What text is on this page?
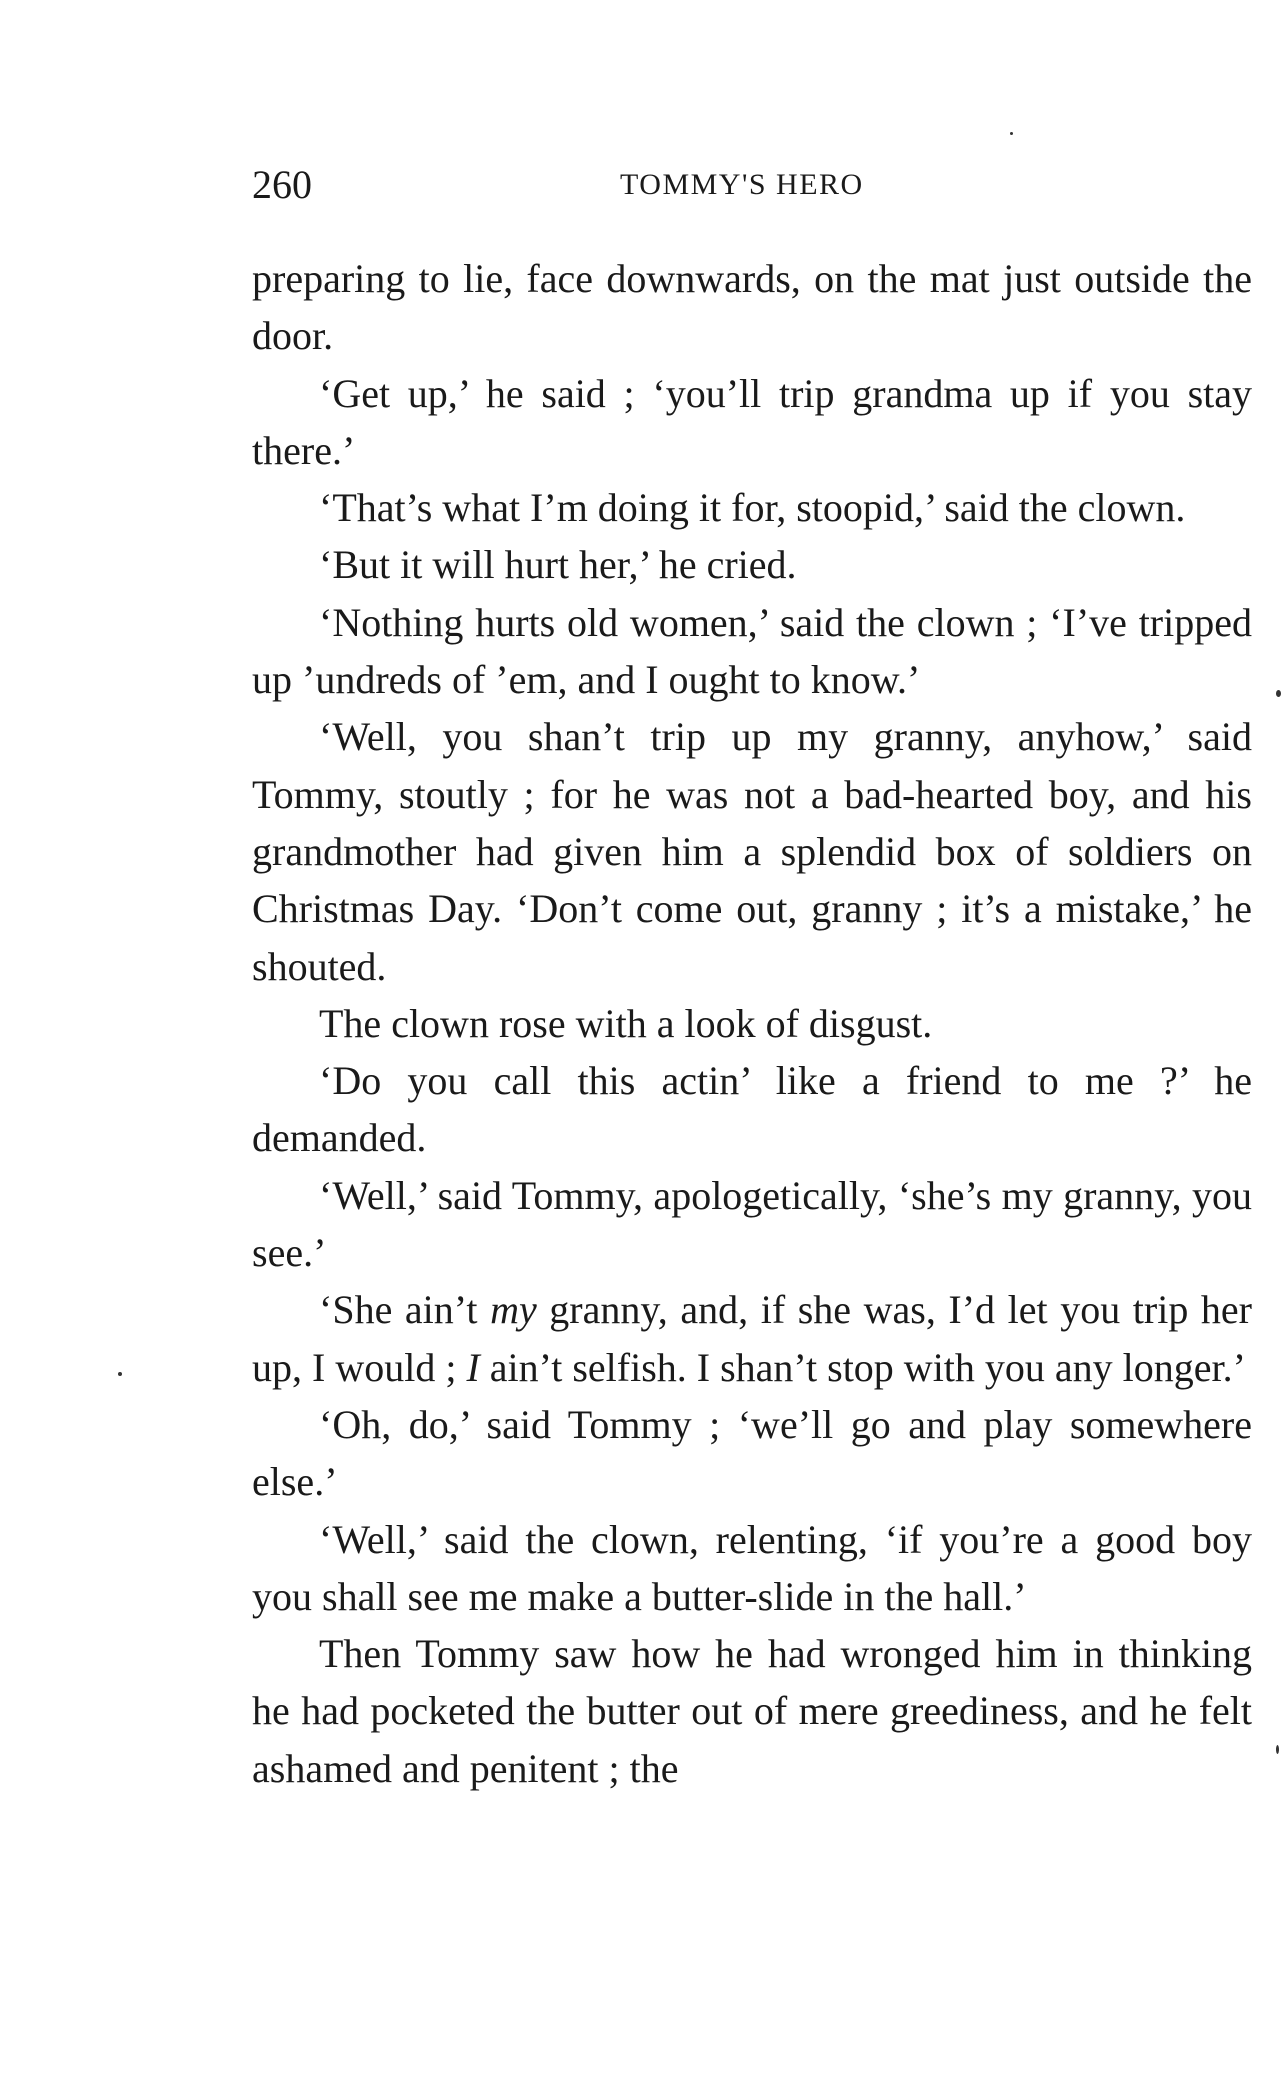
260	TOMMY'S HERO

preparing to lie, face downwards, on the mat just outside the door.

‘Get up,’ he said ; ‘you’ll trip grandma up if you stay there.’

‘That’s what I’m doing it for, stoopid,’ said the clown.

‘But it will hurt her,’ he cried.

‘Nothing hurts old women,’ said the clown ; ‘I’ve tripped up ’undreds of ’em, and I ought to know.’

‘Well, you shan’t trip up my granny, anyhow,’ said Tommy, stoutly ; for he was not a bad-hearted boy, and his grandmother had given him a splendid box of soldiers on Christmas Day. ‘Don’t come out, granny ; it’s a mistake,’ he shouted.

The clown rose with a look of disgust.

‘Do you call this actin’ like a friend to me ?’ he demanded.

‘Well,’ said Tommy, apologetically, ‘she’s my granny, you see.’

‘She ain’t my granny, and, if she was, I’d let you trip her up, I would ; I ain’t selfish. I shan’t stop with you any longer.’

‘Oh, do,’ said Tommy ; ‘we’ll go and play somewhere else.’

‘Well,’ said the clown, relenting, ‘if you’re a good boy you shall see me make a butter-slide in the hall.’

Then Tommy saw how he had wronged him in thinking he had pocketed the butter out of mere greediness, and he felt ashamed and penitent ; the
